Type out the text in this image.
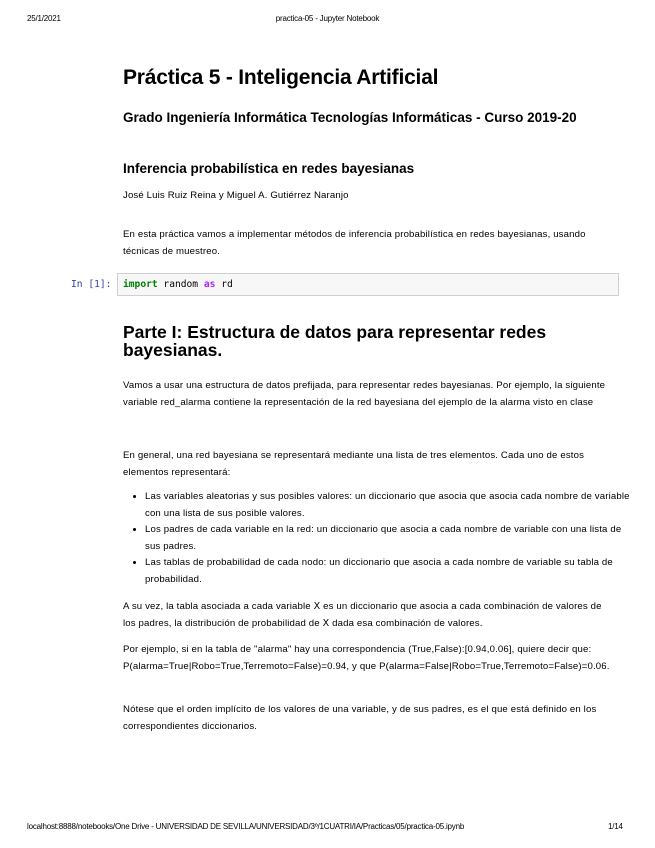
25/1/2021	practica-05 - Jupyter Notebook
Práctica 5 - Inteligencia Artificial
Grado Ingeniería Informática Tecnologías Informáticas - Curso 2019-20
Inferencia probabilística en redes bayesianas

José Luis Ruiz Reina y Miguel A. Gutiérrez Naranjo

En esta práctica vamos a implementar métodos de inferencia probabilística en redes bayesianas, usando técnicas de muestreo.

In [1]: import random as rd
Parte I: Estructura de datos para representar redes bayesianas.

Vamos a usar una estructura de datos prefijada, para representar redes bayesianas. Por ejemplo, la siguiente variable red_alarma contiene la representación de la red bayesiana del ejemplo de la alarma visto en clase

En general, una red bayesiana se representará mediante una lista de tres elementos. Cada uno de estos elementos representará:

• Las variables aleatorias y sus posibles valores: un diccionario que asocia que asocia cada nombre de variable con una lista de sus posible valores.
• Los padres de cada variable en la red: un diccionario que asocia a cada nombre de variable con una lista de sus padres.
• Las tablas de probabilidad de cada nodo: un diccionario que asocia a cada nombre de variable su tabla de probabilidad.

A su vez, la tabla asociada a cada variable X es un diccionario que asocia a cada combinación de valores de los padres, la distribución de probabilidad de X dada esa combinación de valores.

Por ejemplo, si en la tabla de "alarma" hay una correspondencia (True,False):[0.94,0.06], quiere decir que: P(alarma=True|Robo=True,Terremoto=False)=0.94, y que P(alarma=False|Robo=True,Terremoto=False)=0.06.

Nótese que el orden implícito de los valores de una variable, y de sus padres, es el que está definido en los correspondientes diccionarios.

localhost:8888/notebooks/One Drive - UNIVERSIDAD DE SEVILLA/UNIVERSIDAD/3º/1CUATRI/IA/Practicas/05/practica-05.ipynb	1/14
